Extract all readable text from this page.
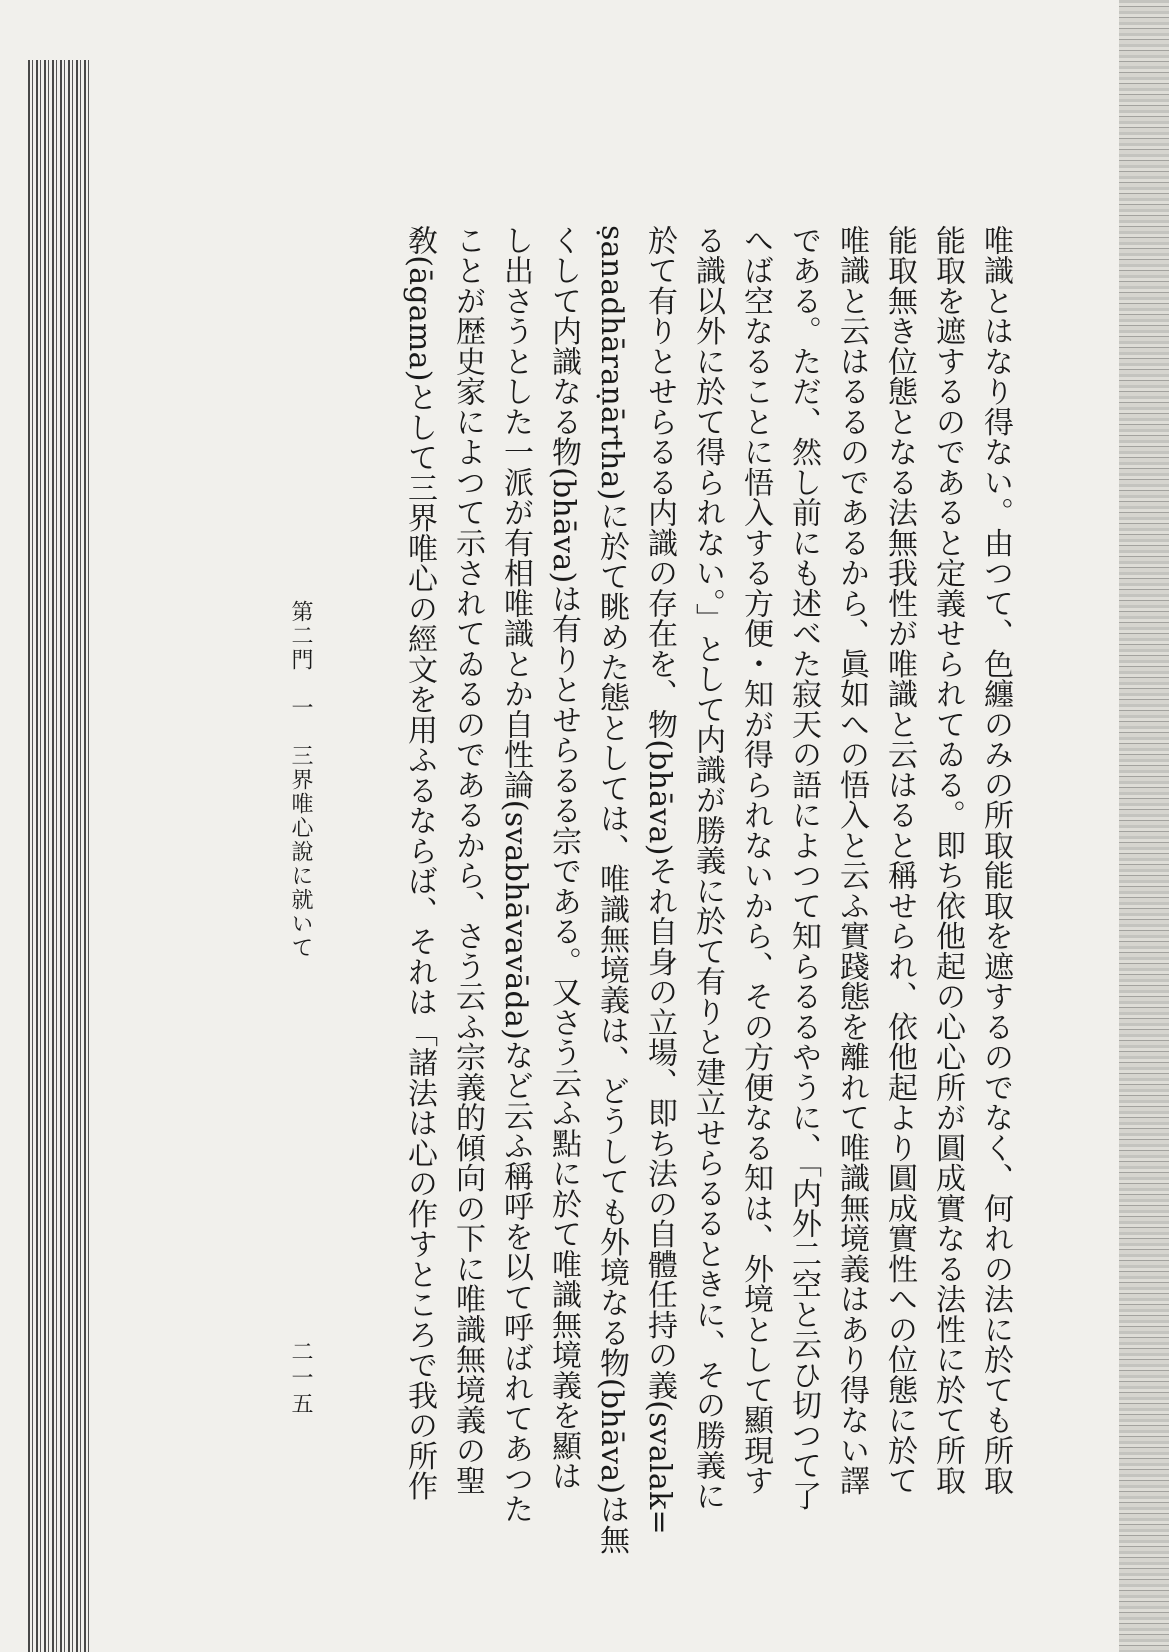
唯識とはなり得ない。由つて、色纏のみの所取能取を遮するのでなく、何れの法に於ても所取
能取を遮するのであると定義せられてゐる。即ち依他起の心心所が圓成實なる法性に於て所取
能取無き位態となる法無我性が唯識と云はると稱せられ、依他起より圓成實性への位態に於て
唯識と云はるるのであるから、眞如への悟入と云ふ實踐態を離れて唯識無境義はあり得ない譯
である。ただ、然し前にも述べた寂天の語によつて知らるるやうに、「内外二空と云ひ切つて了
へば空なることに悟入する方便・知が得られないから、その方便なる知は、外境として顯現す
る識以外に於て得られない。」として内識が勝義に於て有りと建立せらるるときに、その勝義に
於て有りとせらるる内識の存在を、物(bhāva)それ自身の立場、即ち法の自體任持の義(svalak=
ṣanadhāraṇārtha)に於て眺めた態としては、唯識無境義は、どうしても外境なる物(bhāva)は無
くして内識なる物(bhāva)は有りとせらるる宗である。又さう云ふ點に於て唯識無境義を顯は
し出さうとした一派が有相唯識とか自性論(svabhāvavāda)など云ふ稱呼を以て呼ばれてあつた
ことが歴史家によつて示されてゐるのであるから、さう云ふ宗義的傾向の下に唯識無境義の聖
敎(āgama)として三界唯心の經文を用ふるならば、それは「諸法は心の作すところで我の所作
第二門　一　三界唯心說に就いて
二一五
